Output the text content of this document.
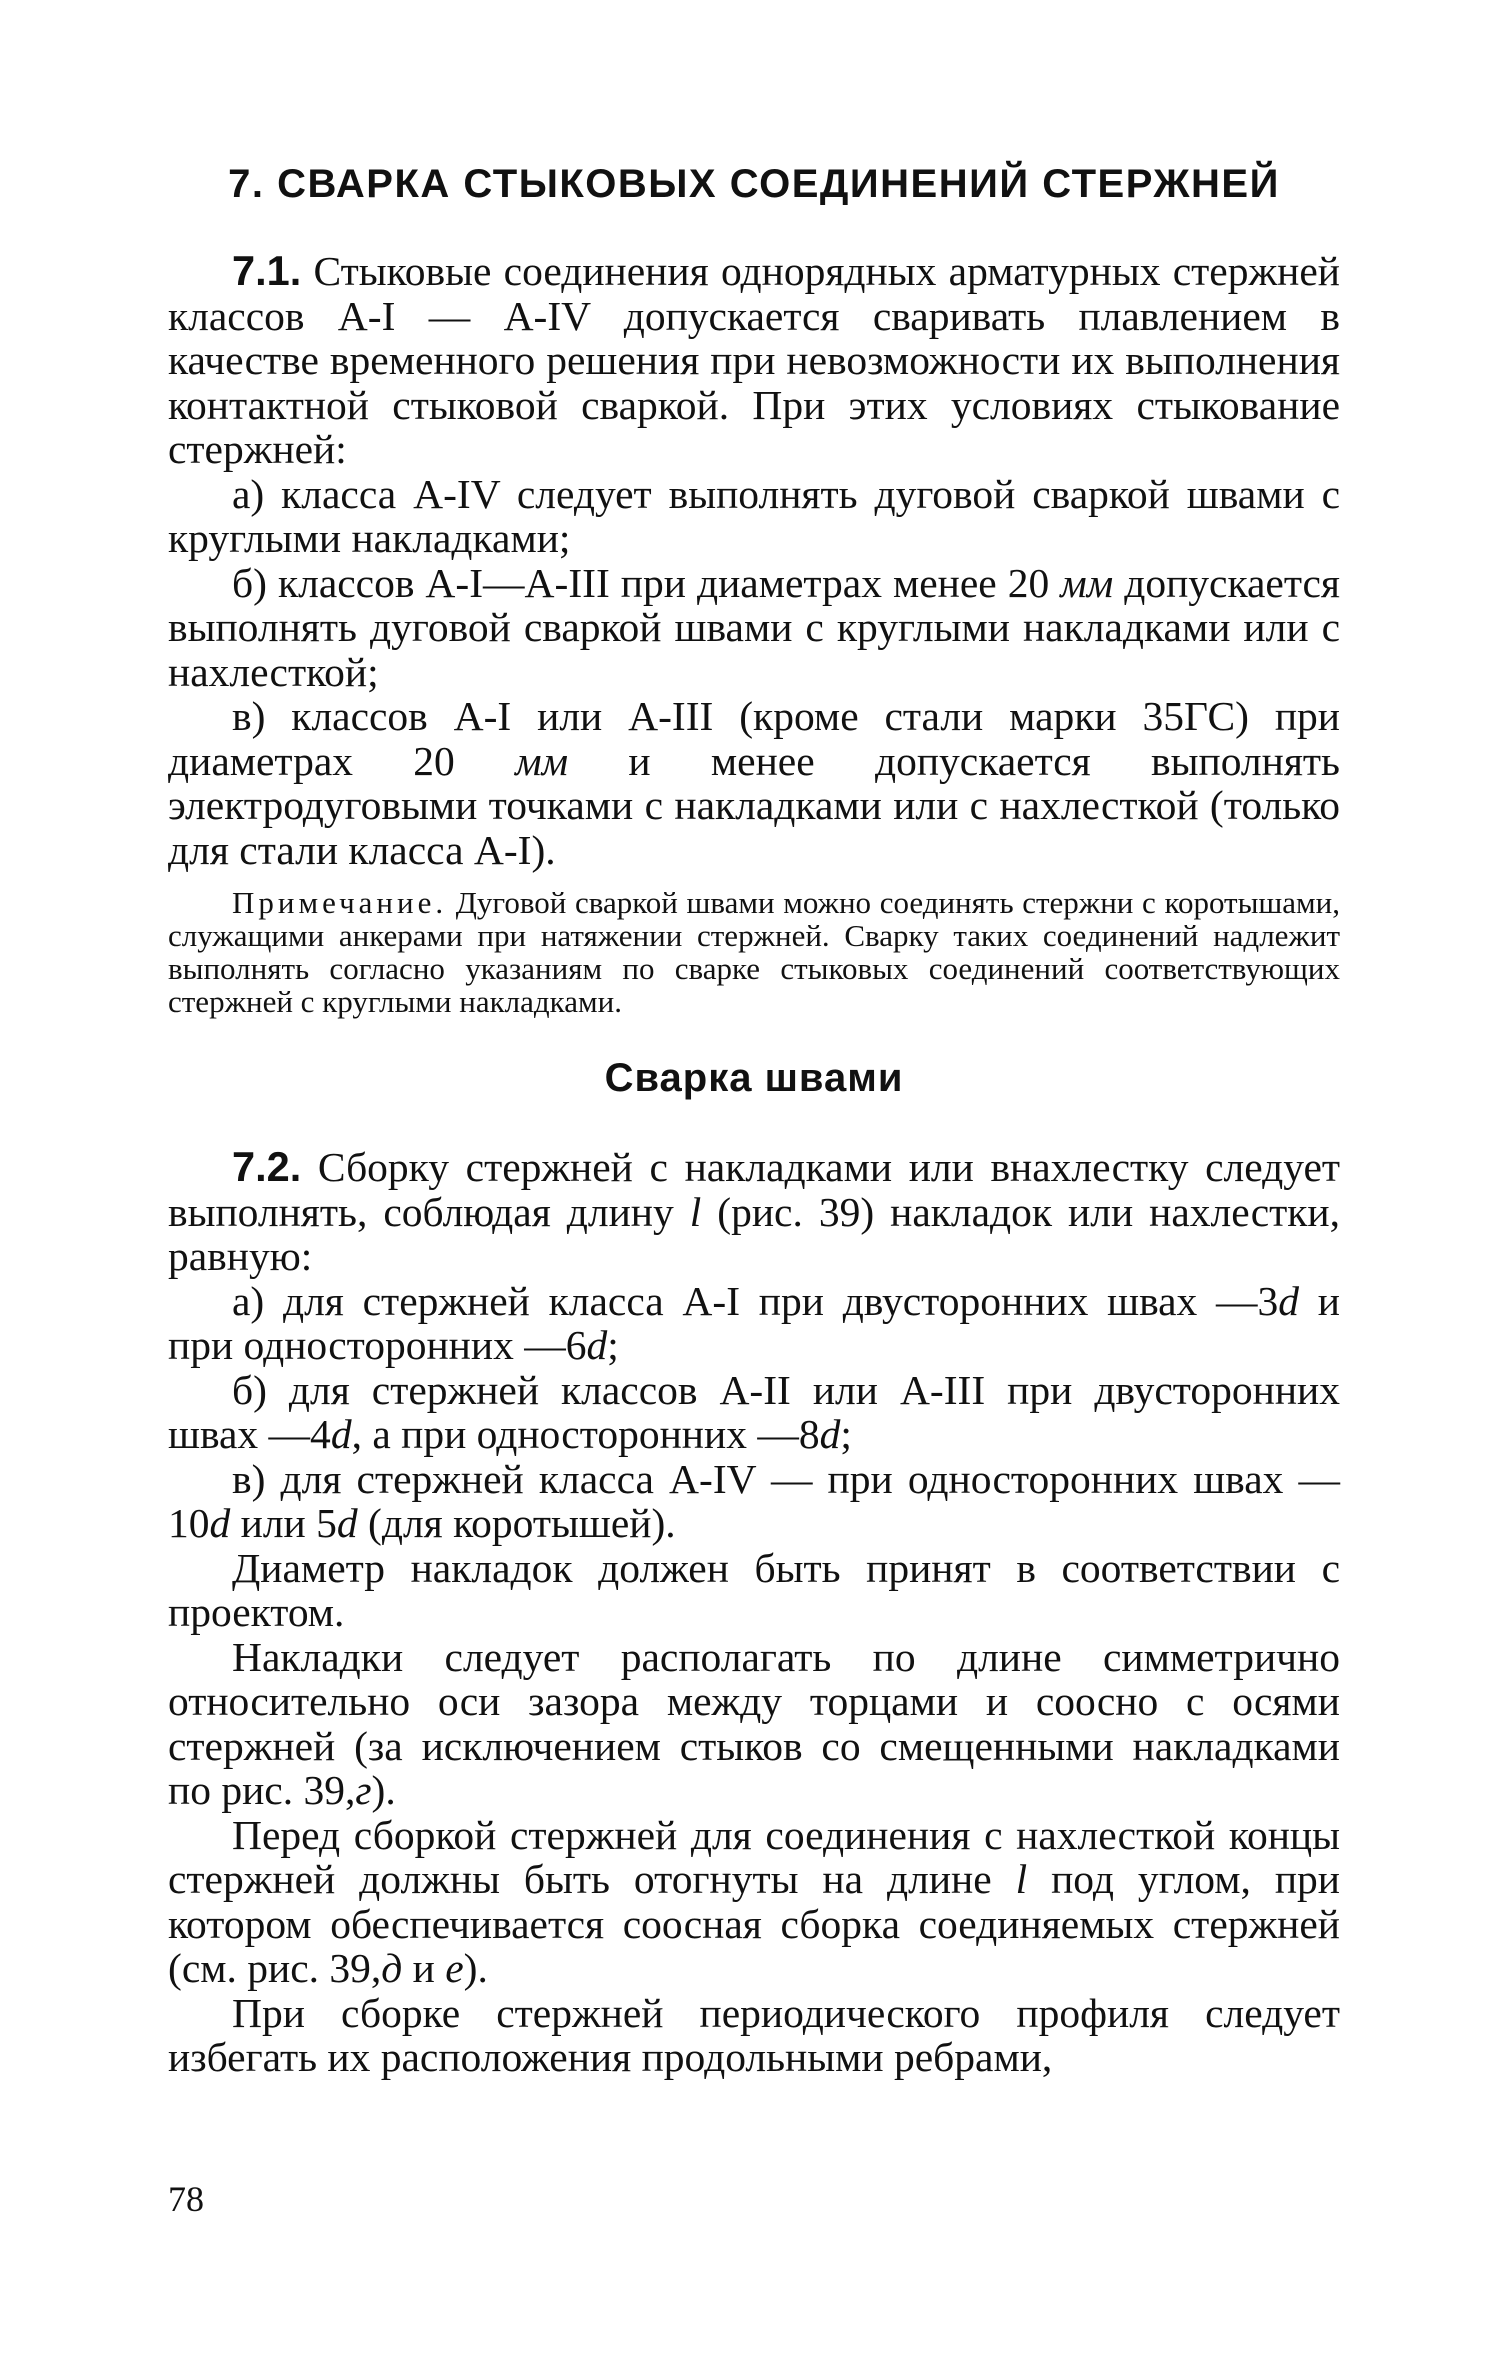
7. СВАРКА СТЫКОВЫХ СОЕДИНЕНИЙ СТЕРЖНЕЙ

7.1. Стыковые соединения однорядных арматурных стержней классов А-I — А-IV допускается сваривать плавлением в качестве временного решения при невозможности их выполнения контактной стыковой сваркой. При этих условиях стыкование стержней:

а) класса А-IV следует выполнять дуговой сваркой швами с круглыми накладками;

б) классов А-I—А-III при диаметрах менее 20 мм допускается выполнять дуговой сваркой швами с круглыми накладками или с нахлесткой;

в) классов А-I или А-III (кроме стали марки 35ГС) при диаметрах 20 мм и менее допускается выполнять электродуговыми точками с накладками или с нахлесткой (только для стали класса А-I).

Примечание. Дуговой сваркой швами можно соединять стержни с коротышами, служащими анкерами при натяжении стержней. Сварку таких соединений надлежит выполнять согласно указаниям по сварке стыковых соединений соответствующих стержней с круглыми накладками.

Сварка швами

7.2. Сборку стержней с накладками или внахлестку следует выполнять, соблюдая длину l (рис. 39) накладок или нахлестки, равную:

а) для стержней класса А-I при двусторонних швах —3d и при односторонних —6d;

б) для стержней классов А-II или А-III при двусторонних швах —4d, а при односторонних —8d;

в) для стержней класса А-IV — при односторонних швах — 10d или 5d (для коротышей).

Диаметр накладок должен быть принят в соответствии с проектом.

Накладки следует располагать по длине симметрично относительно оси зазора между торцами и соосно с осями стержней (за исключением стыков со смещенными накладками по рис. 39,г).

Перед сборкой стержней для соединения с нахлесткой концы стержней должны быть отогнуты на длине l под углом, при котором обеспечивается соосная сборка соединяемых стержней (см. рис. 39,д и е).

При сборке стержней периодического профиля следует избегать их расположения продольными ребрами,

78
